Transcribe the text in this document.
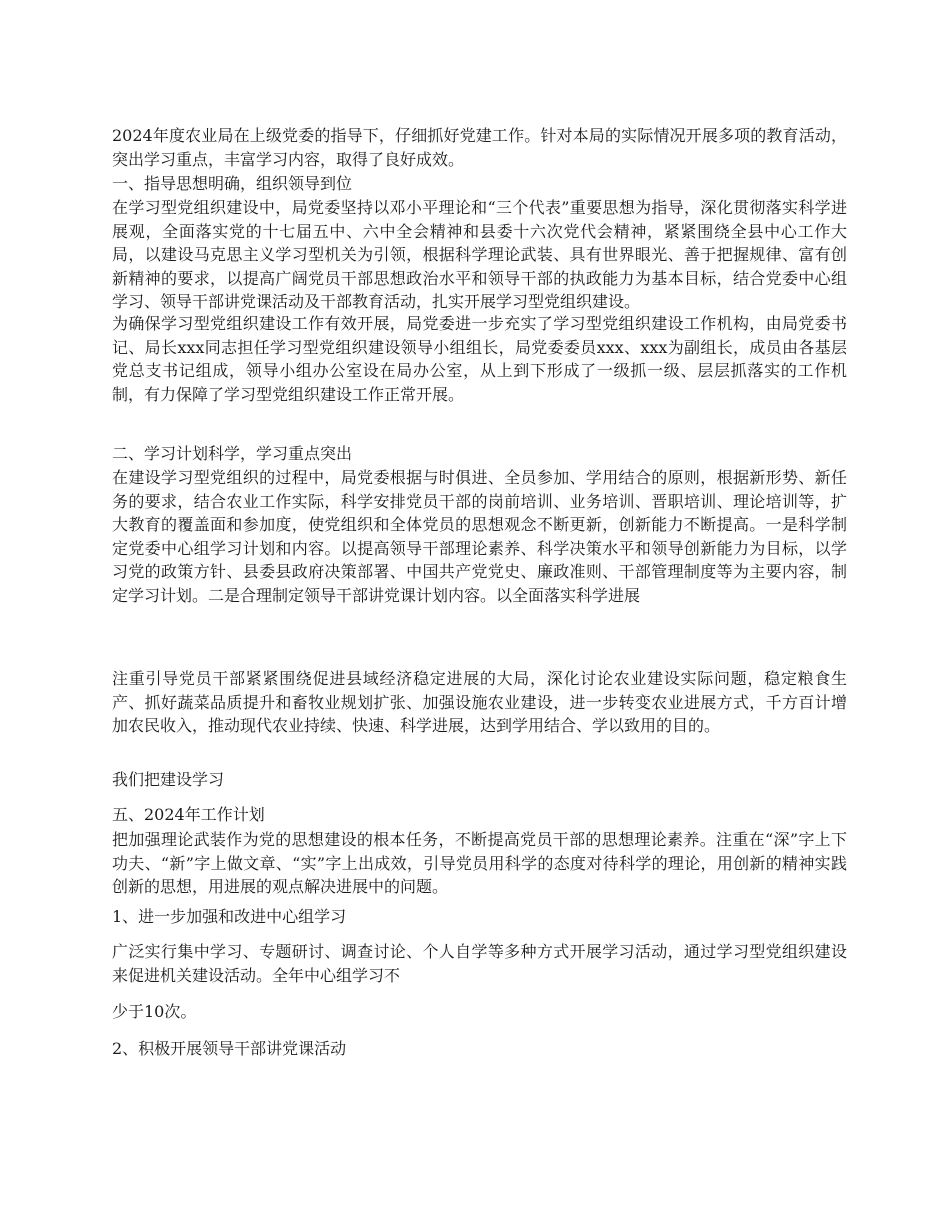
2024年度农业局在上级党委的指导下，仔细抓好党建工作。针对本局的实际情况开展多项的教育活动，突出学习重点，丰富学习内容，取得了良好成效。

一、指导思想明确，组织领导到位

在学习型党组织建设中，局党委坚持以邓小平理论和“三个代表”重要思想为指导，深化贯彻落实科学进展观，全面落实党的十七届五中、六中全会精神和县委十六次党代会精神，紧紧围绕全县中心工作大局，以建设马克思主义学习型机关为引领，根据科学理论武装、具有世界眼光、善于把握规律、富有创新精神的要求，以提高广阔党员干部思想政治水平和领导干部的执政能力为基本目标，结合党委中心组学习、领导干部讲党课活动及干部教育活动，扎实开展学习型党组织建设。

为确保学习型党组织建设工作有效开展，局党委进一步充实了学习型党组织建设工作机构，由局党委书记、局长xxx同志担任学习型党组织建设领导小组组长，局党委委员xxx、xxx为副组长，成员由各基层党总支书记组成，领导小组办公室设在局办公室，从上到下形成了一级抓一级、层层抓落实的工作机制，有力保障了学习型党组织建设工作正常开展。

二、学习计划科学，学习重点突出

在建设学习型党组织的过程中，局党委根据与时俱进、全员参加、学用结合的原则，根据新形势、新任务的要求，结合农业工作实际，科学安排党员干部的岗前培训、业务培训、晋职培训、理论培训等，扩大教育的覆盖面和参加度，使党组织和全体党员的思想观念不断更新，创新能力不断提高。一是科学制定党委中心组学习计划和内容。以提高领导干部理论素养、科学决策水平和领导创新能力为目标，以学习党的政策方针、县委县政府决策部署、中国共产党党史、廉政准则、干部管理制度等为主要内容，制定学习计划。二是合理制定领导干部讲党课计划内容。以全面落实科学进展

注重引导党员干部紧紧围绕促进县域经济稳定进展的大局，深化讨论农业建设实际问题，稳定粮食生产、抓好蔬菜品质提升和畜牧业规划扩张、加强设施农业建设，进一步转变农业进展方式，千方百计增加农民收入，推动现代农业持续、快速、科学进展，达到学用结合、学以致用的目的。

我们把建设学习

五、2024年工作计划

把加强理论武装作为党的思想建设的根本任务，不断提高党员干部的思想理论素养。注重在“深”字上下功夫、“新”字上做文章、“实”字上出成效，引导党员用科学的态度对待科学的理论，用创新的精神实践创新的思想，用进展的观点解决进展中的问题。

1、进一步加强和改进中心组学习

广泛实行集中学习、专题研讨、调查讨论、个人自学等多种方式开展学习活动，通过学习型党组织建设来促进机关建设活动。全年中心组学习不

少于10次。

2、积极开展领导干部讲党课活动
